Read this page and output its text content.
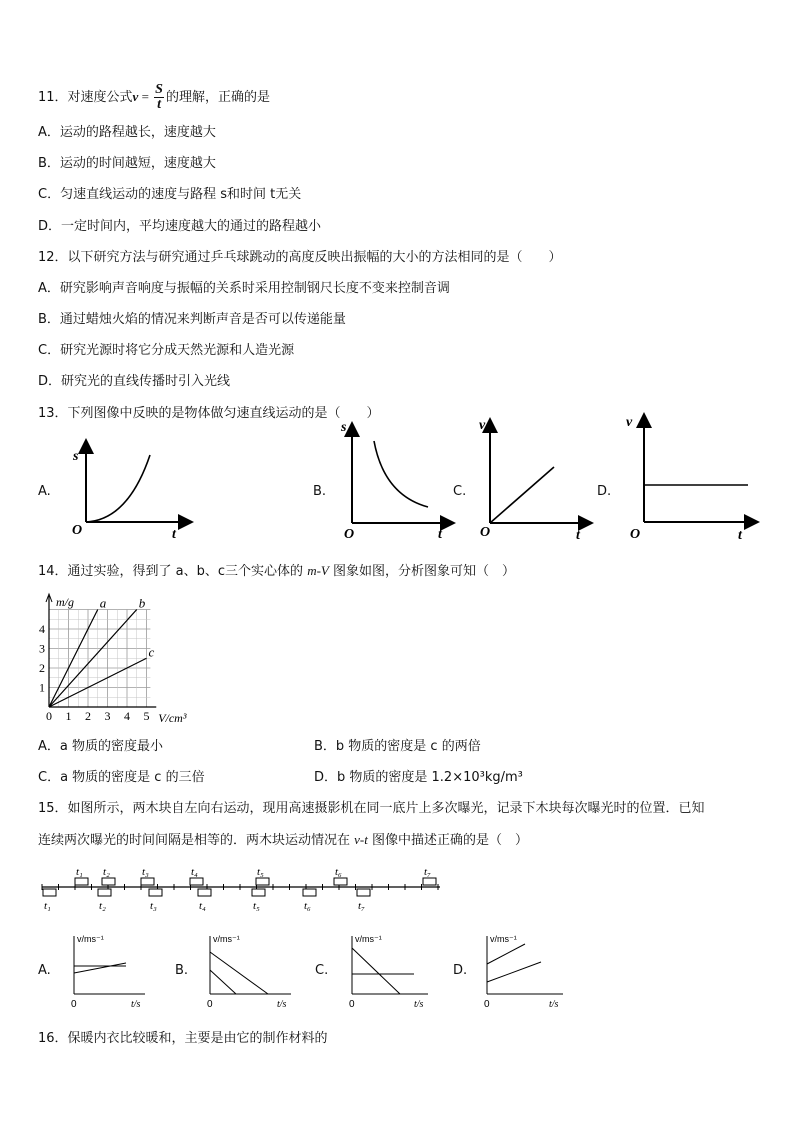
11．对速度公式$v = \frac{S}{t}$ 的理解，正确的是
A．运动的路程越长，速度越大
B．运动的时间越短，速度越大
C．匀速直线运动的速度与路程 s和时间 t无关
D．一定时间内，平均速度越大的通过的路程越小
12．以下研究方法与研究通过乒乓球跳动的高度反映出振幅的大小的方法相同的是（　　）
A．研究影响声音响度与振幅的关系时采用控制钢尺长度不变来控制音调
B．通过蜡烛火焰的情况来判断声音是否可以传递能量
C．研究光源时将它分成天然光源和人造光源
D．研究光的直线传播时引入光线
13．下列图像中反映的是物体做匀速直线运动的是（　　）
A.
s
O	t
B.
s
O	t
C.
v
O	t
D.
v
O	t
14．通过实验，得到了 a、b、c三个实心体的 m-V 图象如图，分析图象可知（　）
m/g
V/cm³
0 1 2 3 4 5
1
2
3
4
a	b
c
A．a 物质的密度最小	B．b 物质的密度是 c 的两倍
C．a 物质的密度是 c 的三倍	D．b 物质的密度是 1.2×10³kg/m³
15．如图所示，两木块自左向右运动，现用高速摄影机在同一底片上多次曝光，记录下木块每次曝光时的位置．已知
连续两次曝光的时间间隔是相等的．两木块运动情况在 v-t 图像中描述正确的是（　）
t₁ t₂	t₃	t₄	t₅	t₆	t₇
t₁	t₂	t₃	t₄	t₅	t₆	t₇
A.	B.	C.	D.
v/ms⁻¹
t/s
0
v/ms⁻¹
t/s
0
v/ms⁻¹
t/s
0
v/ms⁻¹
t/s
0
16．保暖内衣比较暖和，主要是由它的制作材料的
